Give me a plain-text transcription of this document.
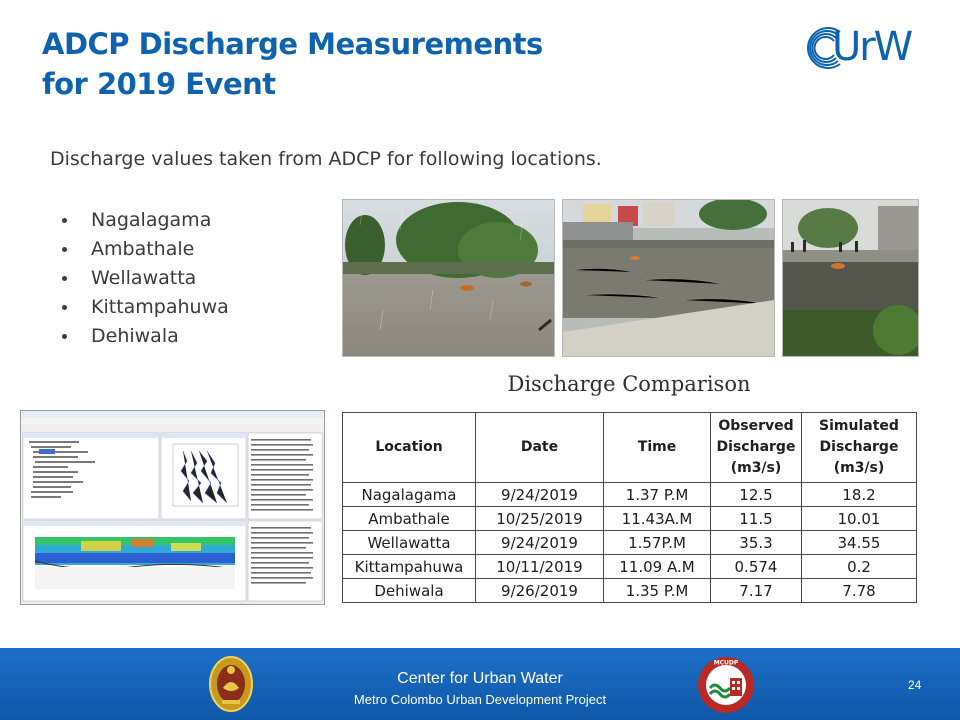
ADCP Discharge Measurements
for 2019 Event
UrW

Discharge values taken from ADCP for following locations.

Nagalagama
Ambathale
Wellawatta
Kittampahuwa
Dehiwala

Discharge Comparison

Location	Date	Time	Observed Discharge (m3/s)	Simulated Discharge (m3/s)
Nagalagama	9/24/2019	1.37 P.M	12.5	18.2
Ambathale	10/25/2019	11.43A.M	11.5	10.01
Wellawatta	9/24/2019	1.57P.M	35.3	34.55
Kittampahuwa	10/11/2019	11.09 A.M	0.574	0.2
Dehiwala	9/26/2019	1.35 P.M	7.17	7.78
Center for Urban Water
Metro Colombo Urban Development Project
MCUDP
24
